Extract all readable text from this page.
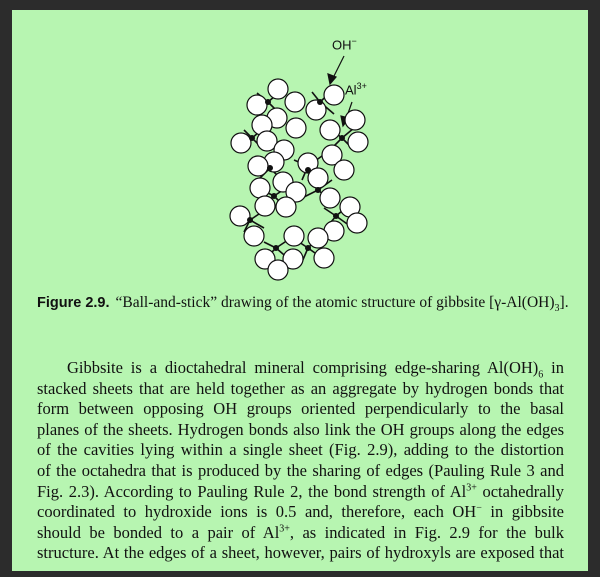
OH−
$Al^{3+}$
Figure 2.9. “Ball-and-stick” drawing of the atomic structure of gibbsite $[\gamma-Al(OH)_3]$.
Gibbsite is a dioctahedral mineral comprising edge-sharing $Al(OH)_6$ in
stacked sheets that are held together as an aggregate by hydrogen bonds that
form between opposing OH groups oriented perpendicularly to the basal
planes of the sheets. Hydrogen bonds also link the OH groups along the edges
of the cavities lying within a single sheet (Fig. 2.9), adding to the distortion
of the octahedra that is produced by the sharing of edges (Pauling Rule 3 and
Fig. 2.3). According to Pauling Rule 2, the bond strength of $Al^{3+}$ octahedrally
coordinated to hydroxide ions is 0.5 and, therefore, each OH− in gibbsite
should be bonded to a pair of $Al^{3+}$, as indicated in Fig. 2.9 for the bulk
structure. At the edges of a sheet, however, pairs of hydroxyls are exposed that
